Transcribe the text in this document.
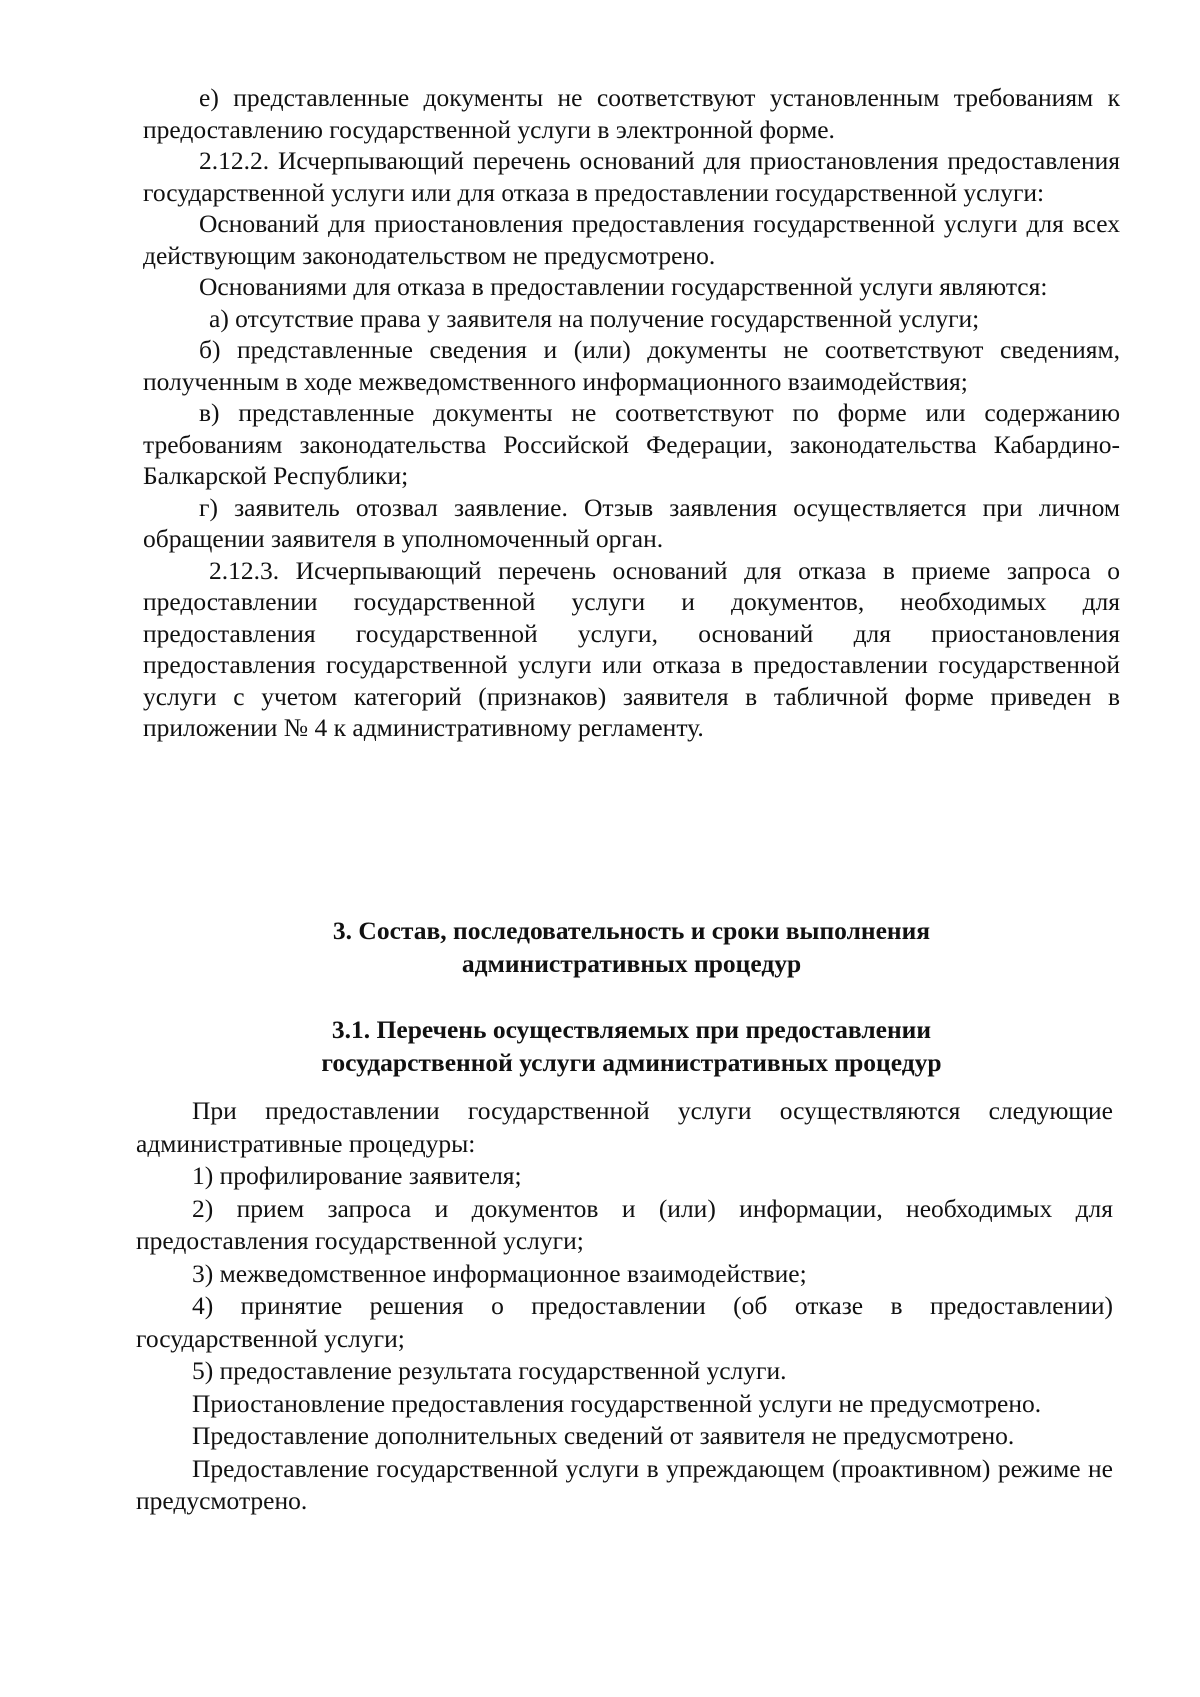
е) представленные документы не соответствуют установленным требованиям к предоставлению государственной услуги в электронной форме.

2.12.2. Исчерпывающий перечень оснований для приостановления предоставления государственной услуги или для отказа в предоставлении государственной услуги:

Оснований для приостановления предоставления государственной услуги для всех действующим законодательством не предусмотрено.

Основаниями для отказа в предоставлении государственной услуги являются:

а) отсутствие права у заявителя на получение государственной услуги;

б) представленные сведения и (или) документы не соответствуют сведениям, полученным в ходе межведомственного информационного взаимодействия;

в) представленные документы не соответствуют по форме или содержанию требованиям законодательства Российской Федерации, законодательства Кабардино-Балкарской Республики;

г) заявитель отозвал заявление. Отзыв заявления осуществляется при личном обращении заявителя в уполномоченный орган.

2.12.3. Исчерпывающий перечень оснований для отказа в приеме запроса о предоставлении государственной услуги и документов, необходимых для предоставления государственной услуги, оснований для приостановления предоставления государственной услуги или отказа в предоставлении государственной услуги с учетом категорий (признаков) заявителя в табличной форме приведен в приложении № 4 к административному регламенту.

3. Состав, последовательность и сроки выполнения
административных процедур
3.1. Перечень осуществляемых при предоставлении
государственной услуги административных процедур

При предоставлении государственной услуги осуществляются следующие административные процедуры:

1) профилирование заявителя;

2) прием запроса и документов и (или) информации, необходимых для предоставления государственной услуги;

3) межведомственное информационное взаимодействие;

4) принятие решения о предоставлении (об отказе в предоставлении) государственной услуги;

5) предоставление результата государственной услуги.

Приостановление предоставления государственной услуги не предусмотрено.

Предоставление дополнительных сведений от заявителя не предусмотрено.

Предоставление государственной услуги в упреждающем (проактивном) режиме не предусмотрено.
